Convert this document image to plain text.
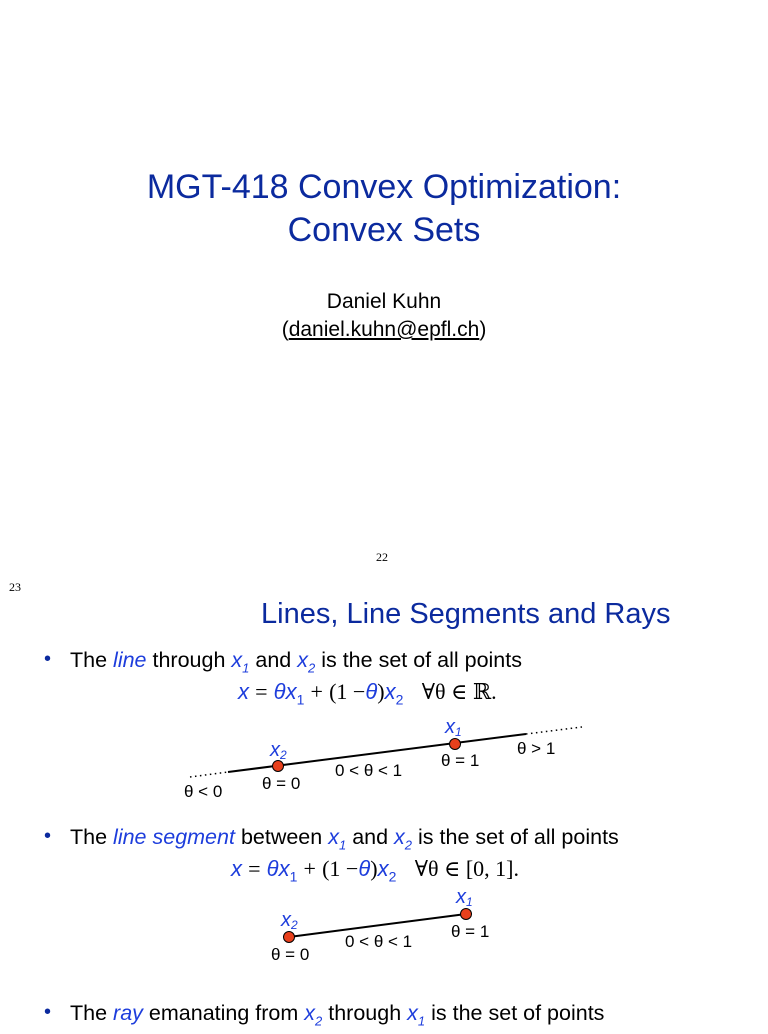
MGT-418 Convex Optimization:
Convex Sets
Daniel Kuhn
(daniel.kuhn@epfl.ch)
22
23
Lines, Line Segments and Rays
• The line through $x_1$ and $x_2$ is the set of all points
$x = \theta x_1 + (1 -\theta)x_2$ ∀θ ∈ ℝ.
x1
x2
θ < 0 θ = 0
0 < θ < 1
θ = 1
θ > 1
x1
x2
θ = 0
0 < θ < 1
θ = 1
• The line segment between $x_1$ and $x_2$ is the set of all points
$x = \theta x_1 + (1 -\theta)x_2$ ∀θ ∈ [0, 1].
• The ray emanating from $x_2$ through $x_1$ is the set of points
